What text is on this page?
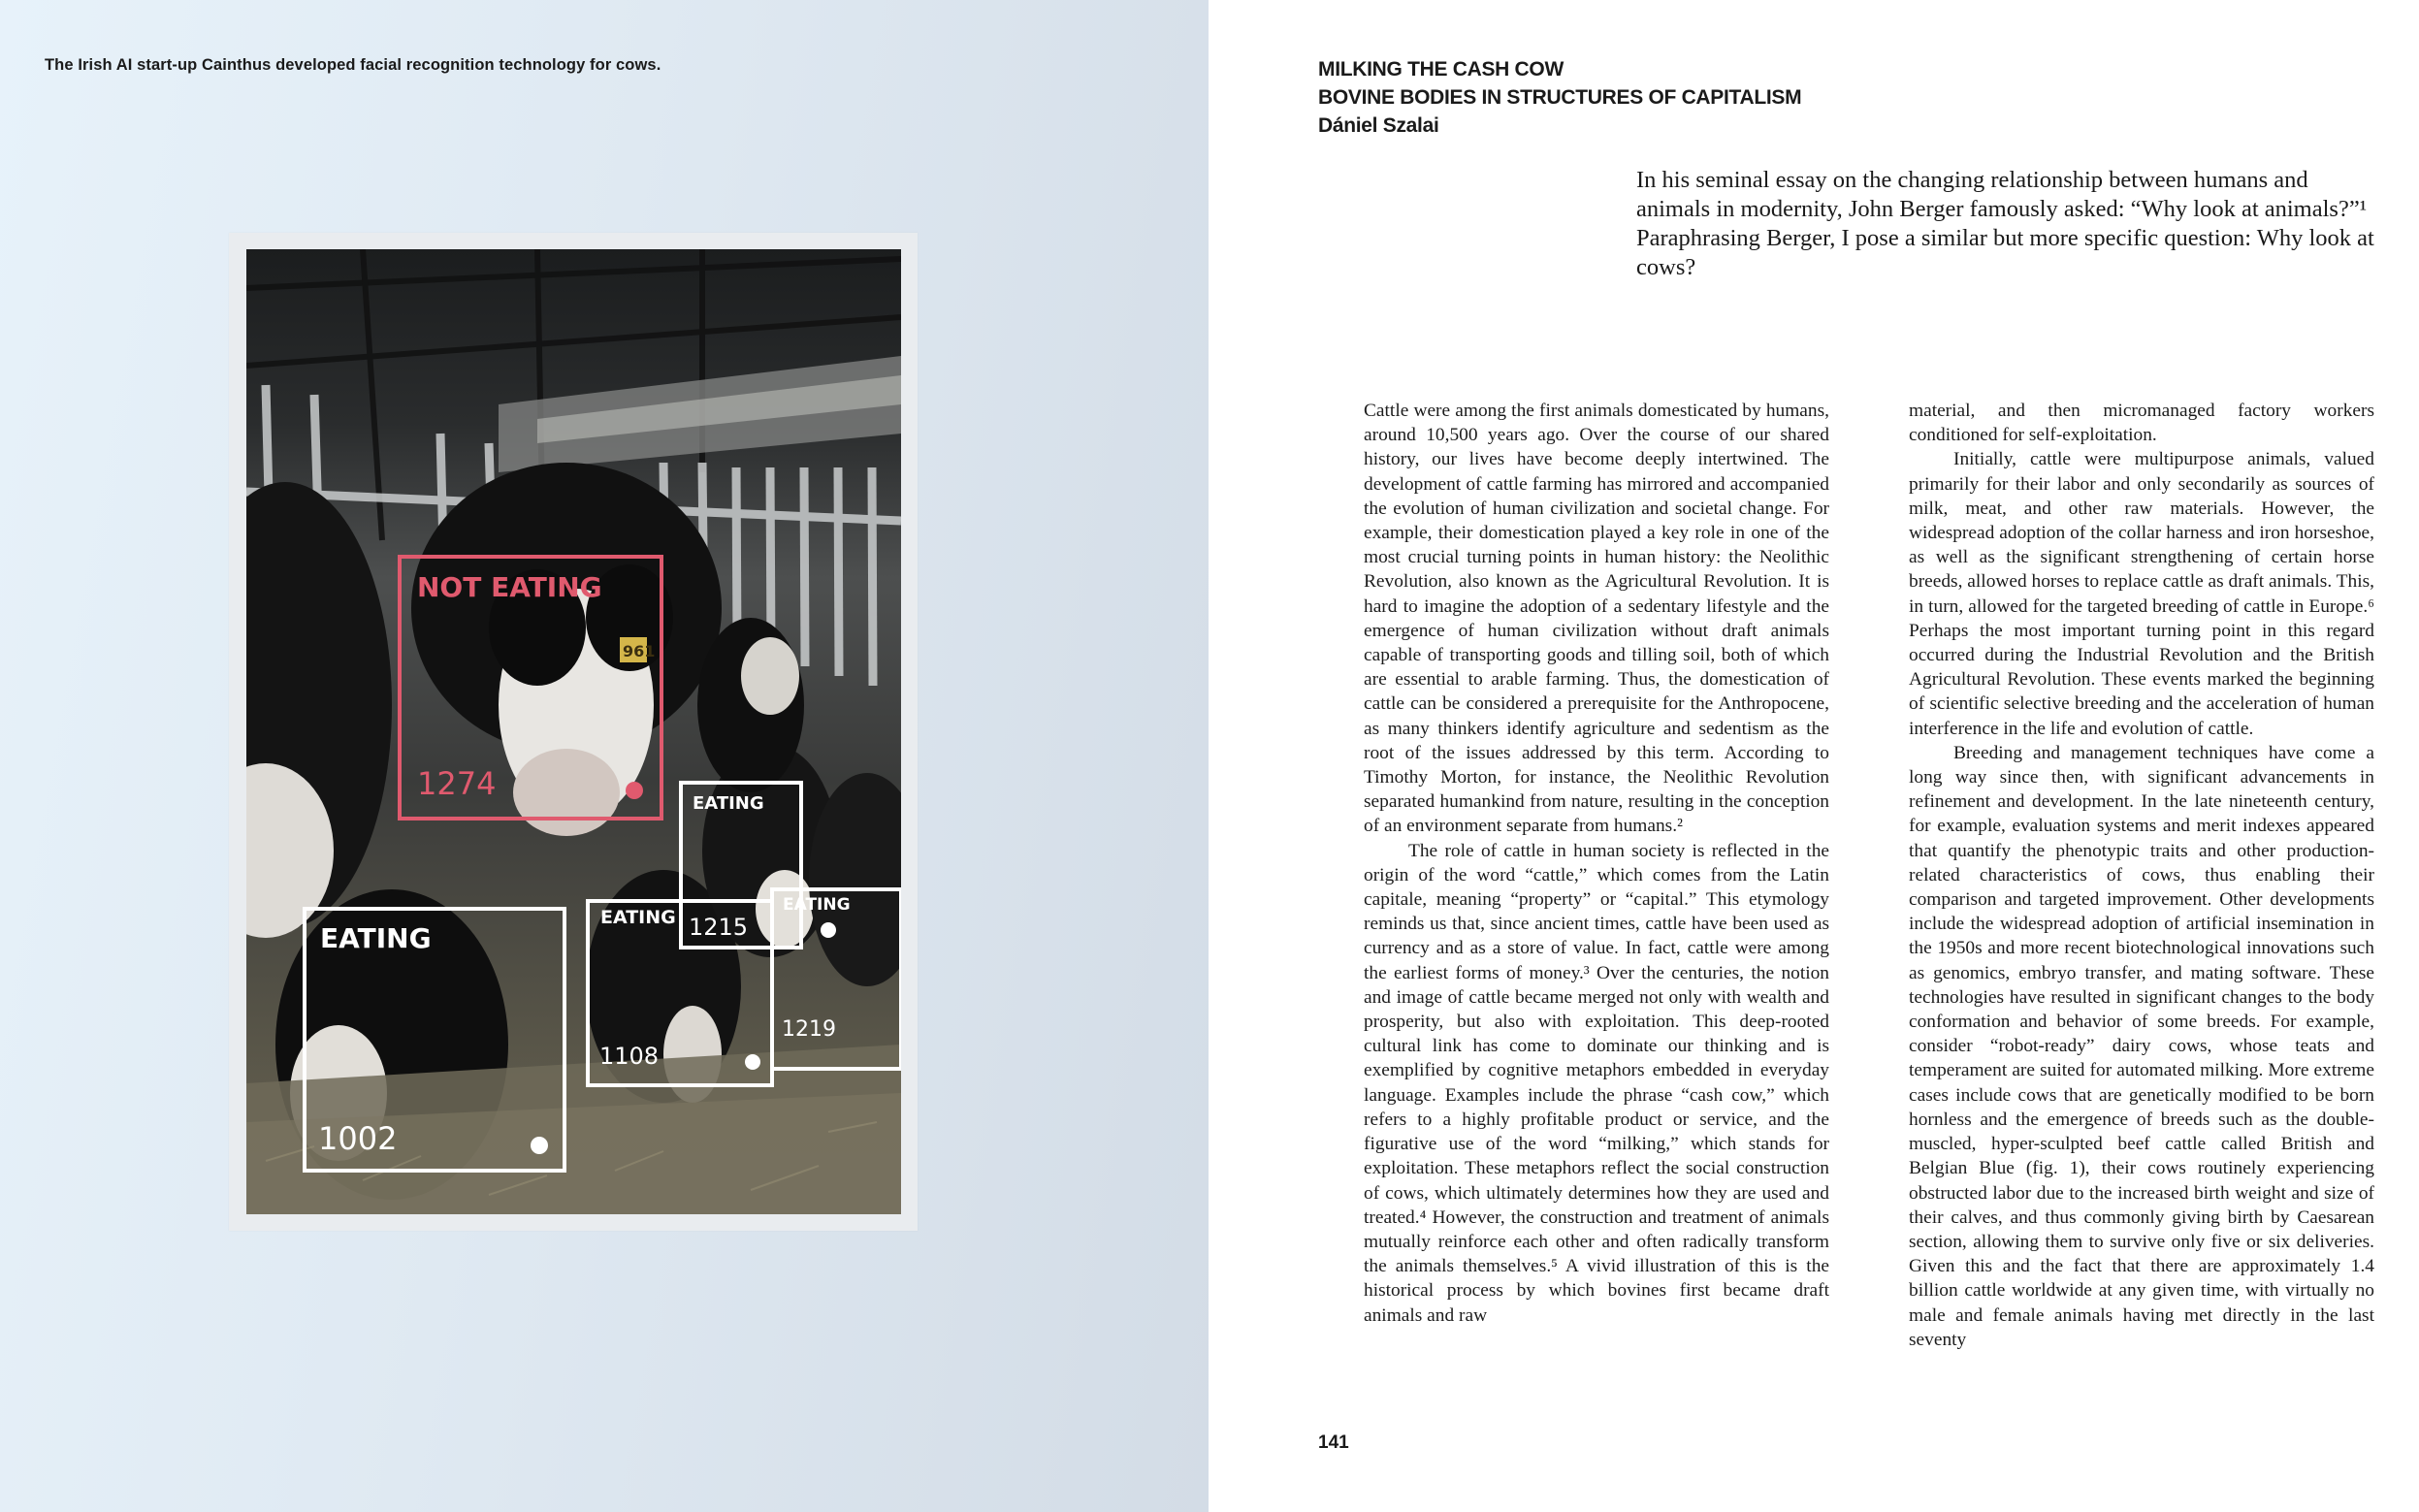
The Irish AI start-up Cainthus developed facial recognition technology for cows.
NOT EATING
1274
EATING
1002
EATING
1108
EATING
1215
EATING
1219
961
MILKING THE CASH COW
BOVINE BODIES IN STRUCTURES OF CAPITALISM
Dániel Szalai
In his seminal essay on the changing relationship between humans and animals in modernity, John Berger famously asked: “Why look at animals?”¹ Paraphrasing Berger, I pose a similar but more specific question: Why look at cows?

Cattle were among the first animals domesticated by humans, around 10,500 years ago. Over the course of our shared history, our lives have become deeply intertwined. The development of cattle farming has mirrored and accompanied the evolution of human civilization and societal change. For example, their domestication played a key role in one of the most crucial turning points in human history: the Neolithic Revolution, also known as the Agricultural Revolution. It is hard to imagine the adoption of a sedentary lifestyle and the emergence of human civilization without draft animals capable of transporting goods and tilling soil, both of which are essential to arable farming. Thus, the domestication of cattle can be considered a prerequisite for the Anthropocene, as many thinkers identify agriculture and sedentism as the root of the issues addressed by this term. According to Timothy Morton, for instance, the Neolithic Revolution separated humankind from nature, resulting in the conception of an environment separate from humans.²

The role of cattle in human society is reflected in the origin of the word “cattle,” which comes from the Latin capitale, meaning “property” or “capital.” This etymology reminds us that, since ancient times, cattle have been used as currency and as a store of value. In fact, cattle were among the earliest forms of money.³ Over the centuries, the notion and image of cattle became merged not only with wealth and prosperity, but also with exploitation. This deep-rooted cultural link has come to dominate our thinking and is exemplified by cognitive metaphors embedded in everyday language. Examples include the phrase “cash cow,” which refers to a highly profitable product or service, and the figurative use of the word “milking,” which stands for exploitation. These metaphors reflect the social construction of cows, which ultimately determines how they are used and treated.⁴ However, the construction and treatment of animals mutually reinforce each other and often radically transform the animals themselves.⁵ A vivid illustration of this is the historical process by which bovines first became draft animals and raw

material, and then micromanaged factory workers conditioned for self-exploitation.

Initially, cattle were multipurpose animals, valued primarily for their labor and only secondarily as sources of milk, meat, and other raw materials. However, the widespread adoption of the collar harness and iron horseshoe, as well as the significant strengthening of certain horse breeds, allowed horses to replace cattle as draft animals. This, in turn, allowed for the targeted breeding of cattle in Europe.⁶ Perhaps the most important turning point in this regard occurred during the Industrial Revolution and the British Agricultural Revolution. These events marked the beginning of scientific selective breeding and the acceleration of human interference in the life and evolution of cattle.

Breeding and management techniques have come a long way since then, with significant advancements in refinement and development. In the late nineteenth century, for example, evaluation systems and merit indexes appeared that quantify the phenotypic traits and other production-related characteristics of cows, thus enabling their comparison and targeted improvement. Other developments include the widespread adoption of artificial insemination in the 1950s and more recent biotechnological innovations such as genomics, embryo transfer, and mating software. These technologies have resulted in significant changes to the body conformation and behavior of some breeds. For example, consider “robot-ready” dairy cows, whose teats and temperament are suited for automated milking. More extreme cases include cows that are genetically modified to be born hornless and the emergence of breeds such as the double-muscled, hyper-sculpted beef cattle called British and Belgian Blue (fig. 1), their cows routinely experiencing obstructed labor due to the increased birth weight and size of their calves, and thus commonly giving birth by Caesarean section, allowing them to survive only five or six deliveries. Given this and the fact that there are approximately 1.4 billion cattle worldwide at any given time, with virtually no male and female animals having met directly in the last seventy

141
